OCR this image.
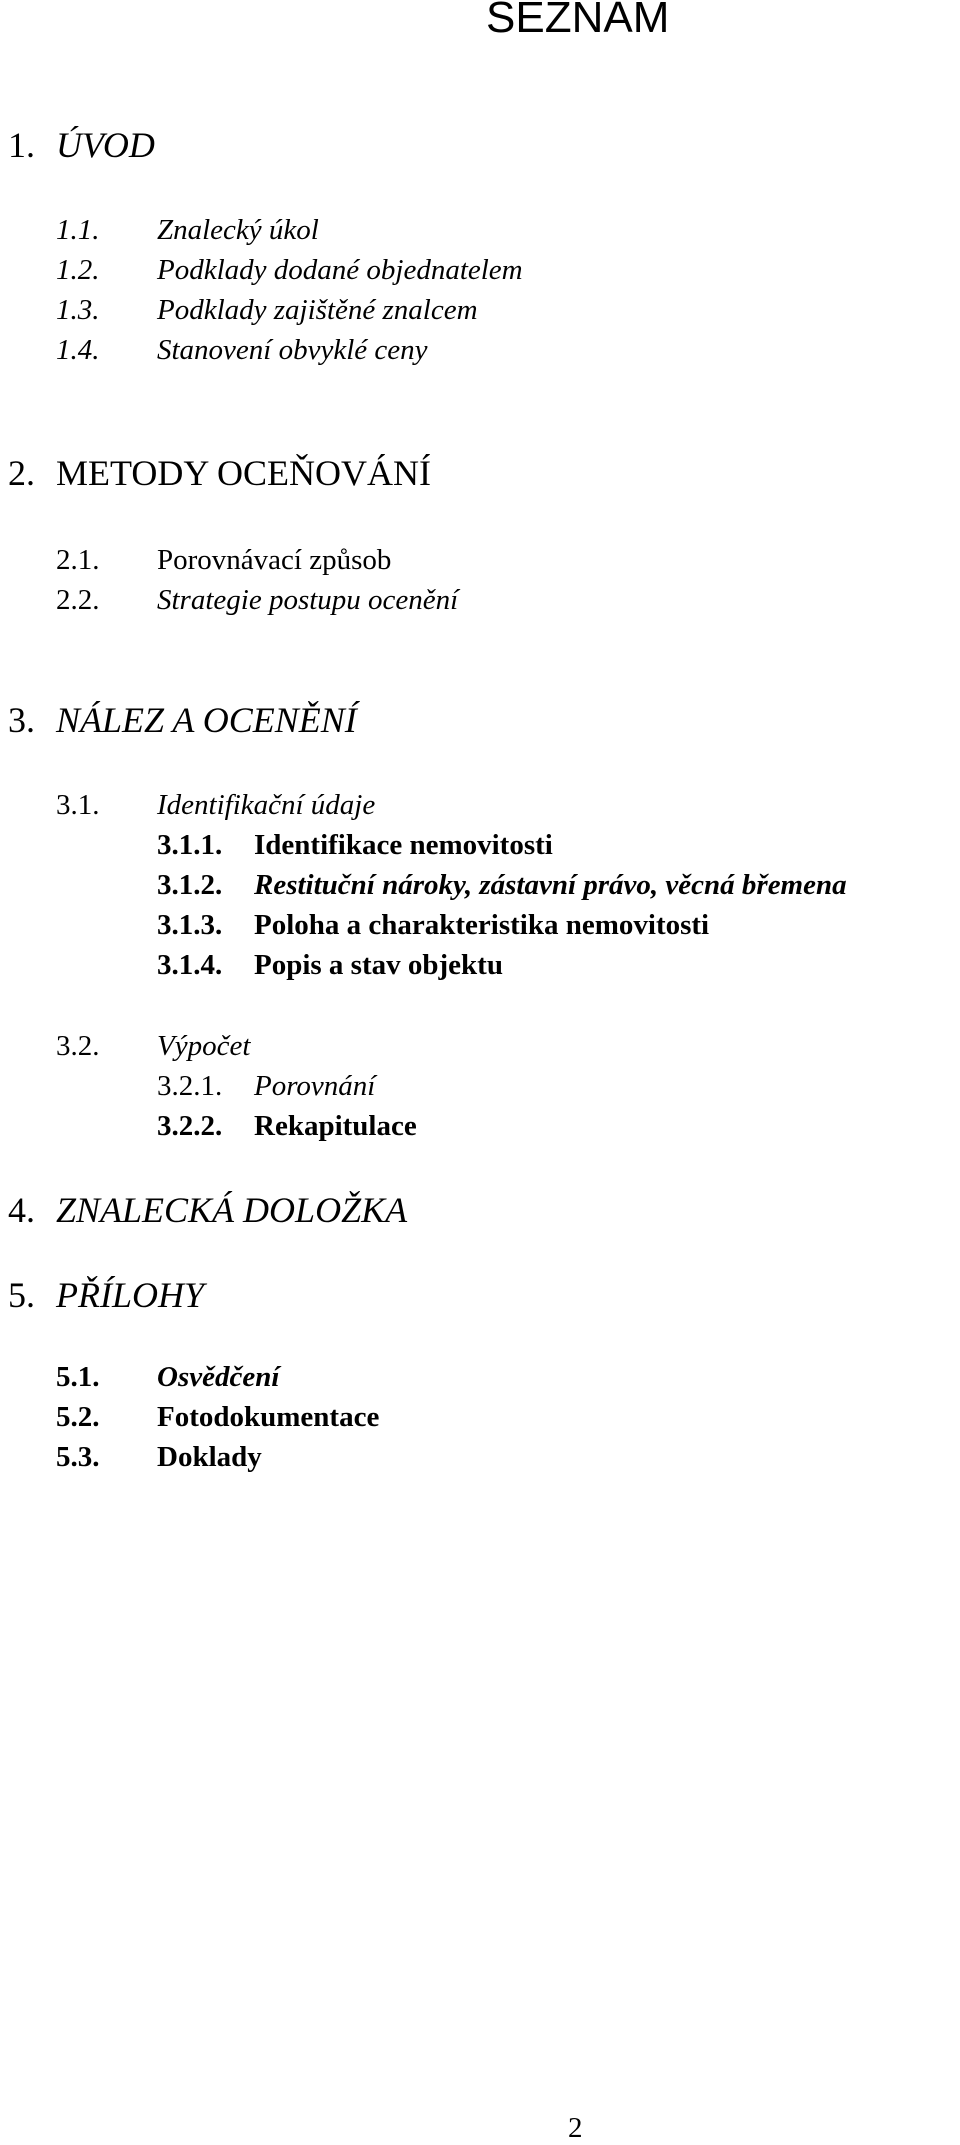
SEZNAM
1. ÚVOD
1.1. Znalecký úkol
1.2. Podklady dodané objednatelem
1.3. Podklady zajištěné znalcem
1.4. Stanovení obvyklé ceny
2. METODY OCEŇOVÁNÍ
2.1. Porovnávací způsob
2.2. Strategie postupu ocenění
3. NÁLEZ A OCENĚNÍ
3.1. Identifikační údaje
3.1.1. Identifikace nemovitosti
3.1.2. Restituční nároky, zástavní právo, věcná břemena
3.1.3. Poloha a charakteristika nemovitosti
3.1.4. Popis a stav objektu
3.2. Výpočet
3.2.1. Porovnání
3.2.2. Rekapitulace
4. ZNALECKÁ DOLOŽKA
5. PŘÍLOHY
5.1. Osvědčení
5.2. Fotodokumentace
5.3. Doklady
2
